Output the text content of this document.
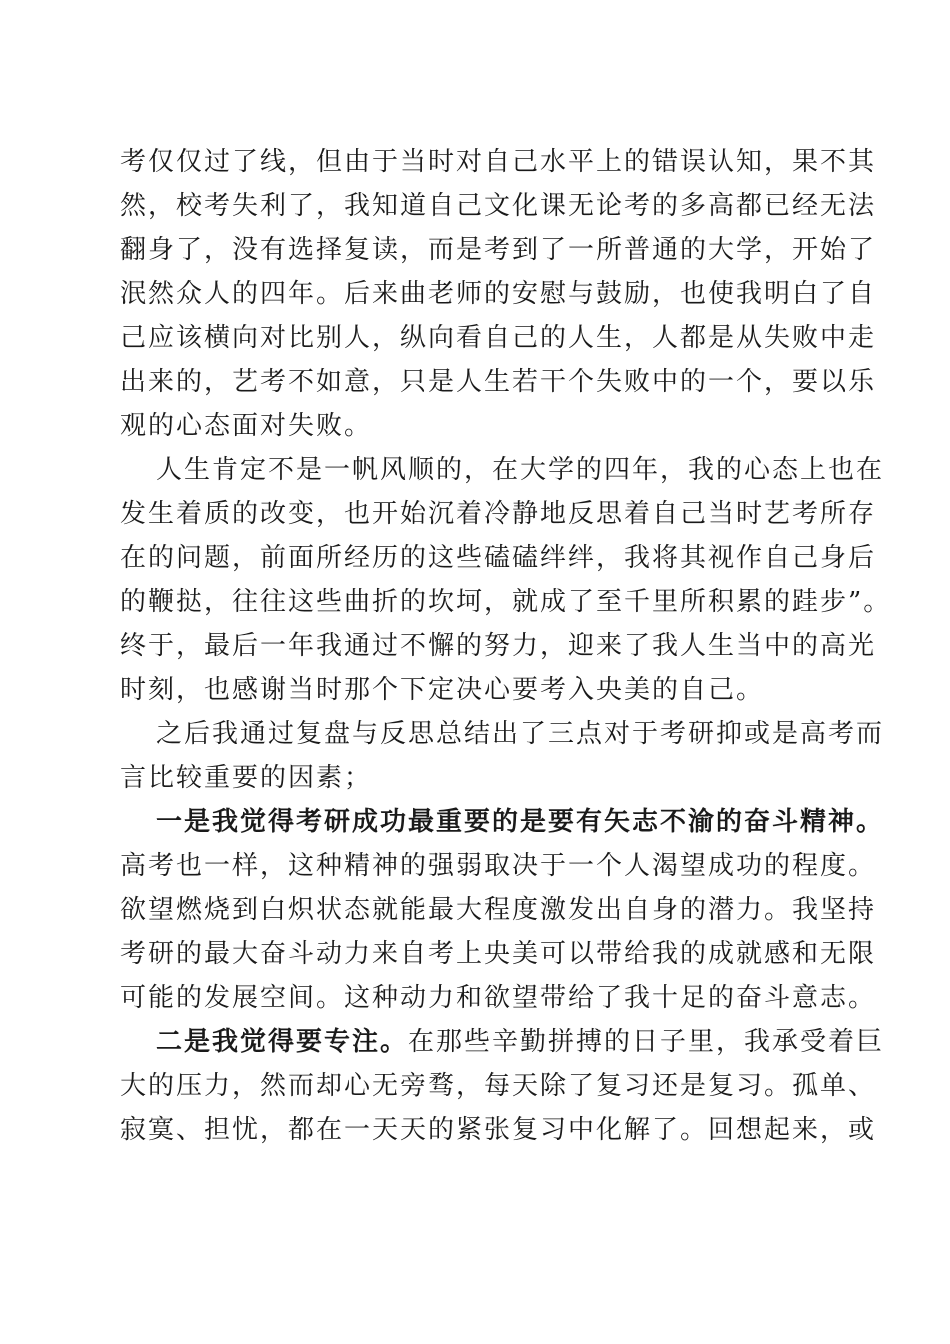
考仅仅过了线，但由于当时对自己水平上的错误认知，果不其
然，校考失利了，我知道自己文化课无论考的多高都已经无法
翻身了，没有选择复读，而是考到了一所普通的大学，开始了
泯然众人的四年。后来曲老师的安慰与鼓励，也使我明白了自
己应该横向对比别人，纵向看自己的人生，人都是从失败中走
出来的，艺考不如意，只是人生若干个失败中的一个，要以乐
观的心态面对失败。
人生肯定不是一帆风顺的，在大学的四年，我的心态上也在
发生着质的改变，也开始沉着冷静地反思着自己当时艺考所存
在的问题，前面所经历的这些磕磕绊绊，我将其视作自己身后
的鞭挞，往往这些曲折的坎坷，就成了至千里所积累的跬步”。
终于，最后一年我通过不懈的努力，迎来了我人生当中的高光
时刻，也感谢当时那个下定决心要考入央美的自己。
之后我通过复盘与反思总结出了三点对于考研抑或是高考而
言比较重要的因素；
一是我觉得考研成功最重要的是要有矢志不渝的奋斗精神。
高考也一样，这种精神的强弱取决于一个人渴望成功的程度。
欲望燃烧到白炽状态就能最大程度激发出自身的潜力。我坚持
考研的最大奋斗动力来自考上央美可以带给我的成就感和无限
可能的发展空间。这种动力和欲望带给了我十足的奋斗意志。
二是我觉得要专注。在那些辛勤拼搏的日子里，我承受着巨
大的压力，然而却心无旁骛，每天除了复习还是复习。孤单、
寂寞、担忧，都在一天天的紧张复习中化解了。回想起来，或
